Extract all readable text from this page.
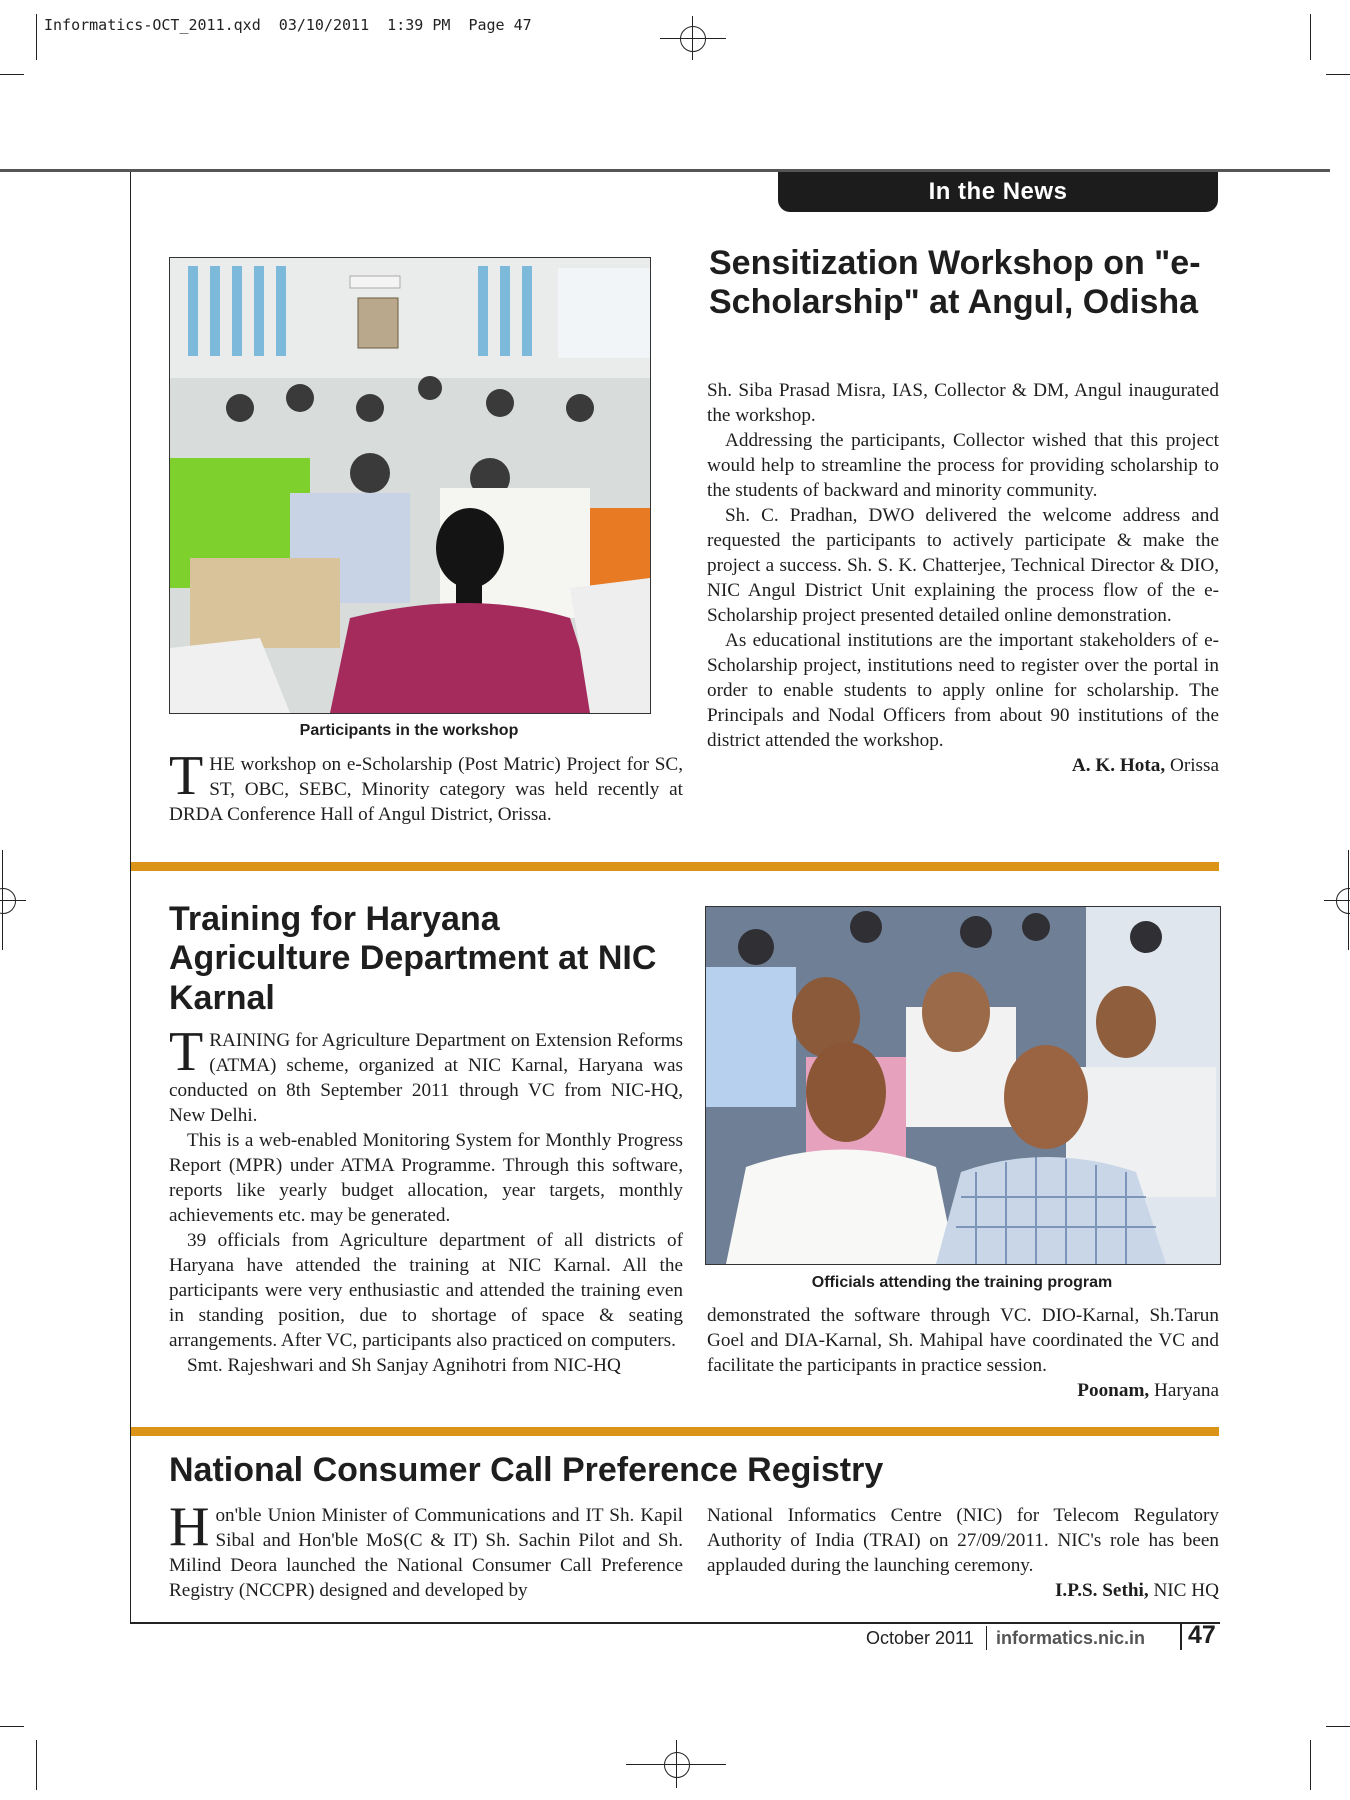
Informatics-OCT_2011.qxd  03/10/2011  1:39 PM  Page 47
In the News
Participants in the workshop
THE workshop on e-Scholarship (Post Matric) Project for SC, ST, OBC, SEBC, Minority category was held recently at DRDA Conference Hall of Angul District, Orissa.
Sensitization Workshop on "e-Scholarship" at Angul, Odisha

Sh. Siba Prasad Misra, IAS, Collector & DM, Angul inaugurated the workshop.

Addressing the participants, Collector wished that this project would help to streamline the process for providing scholarship to the students of backward and minority community.

Sh. C. Pradhan, DWO delivered the welcome address and requested the participants to actively participate & make the project a success. Sh. S. K. Chatterjee, Technical Director & DIO, NIC Angul District Unit explaining the process flow of the e-Scholarship project presented detailed online demonstration.

As educational institutions are the important stakeholders of e-Scholarship project, institutions need to register over the portal in order to enable students to apply online for scholarship. The Principals and Nodal Officers from about 90 institutions of the district attended the workshop.

A. K. Hota, Orissa
Training for Haryana Agriculture Department at NIC Karnal

TRAINING for Agriculture Department on Extension Reforms (ATMA) scheme, organized at NIC Karnal, Haryana was conducted on 8th September 2011 through VC from NIC-HQ, New Delhi.

This is a web-enabled Monitoring System for Monthly Progress Report (MPR) under ATMA Programme. Through this software, reports like yearly budget allocation, year targets, monthly achievements etc. may be generated.

39 officials from Agriculture department of all districts of Haryana have attended the training at NIC Karnal. All the participants were very enthusiastic and attended the training even in standing position, due to shortage of space & seating arrangements. After VC, participants also practiced on computers.

Smt. Rajeshwari and Sh Sanjay Agnihotri from NIC-HQ

Officials attending the training program

demonstrated the software through VC. DIO-Karnal, Sh.Tarun Goel and DIA-Karnal, Sh. Mahipal have coordinated the VC and facilitate the participants in practice session.

Poonam, Haryana
National Consumer Call Preference Registry
Hon'ble Union Minister of Communications and IT Sh. Kapil Sibal and Hon'ble MoS(C & IT) Sh. Sachin Pilot and Sh. Milind Deora launched the National Consumer Call Preference Registry (NCCPR) designed and developed by

National Informatics Centre (NIC) for Telecom Regulatory Authority of India (TRAI) on 27/09/2011. NIC's role has been applauded during the launching ceremony.

I.P.S. Sethi, NIC HQ
October 2011 informatics.nic.in 47
